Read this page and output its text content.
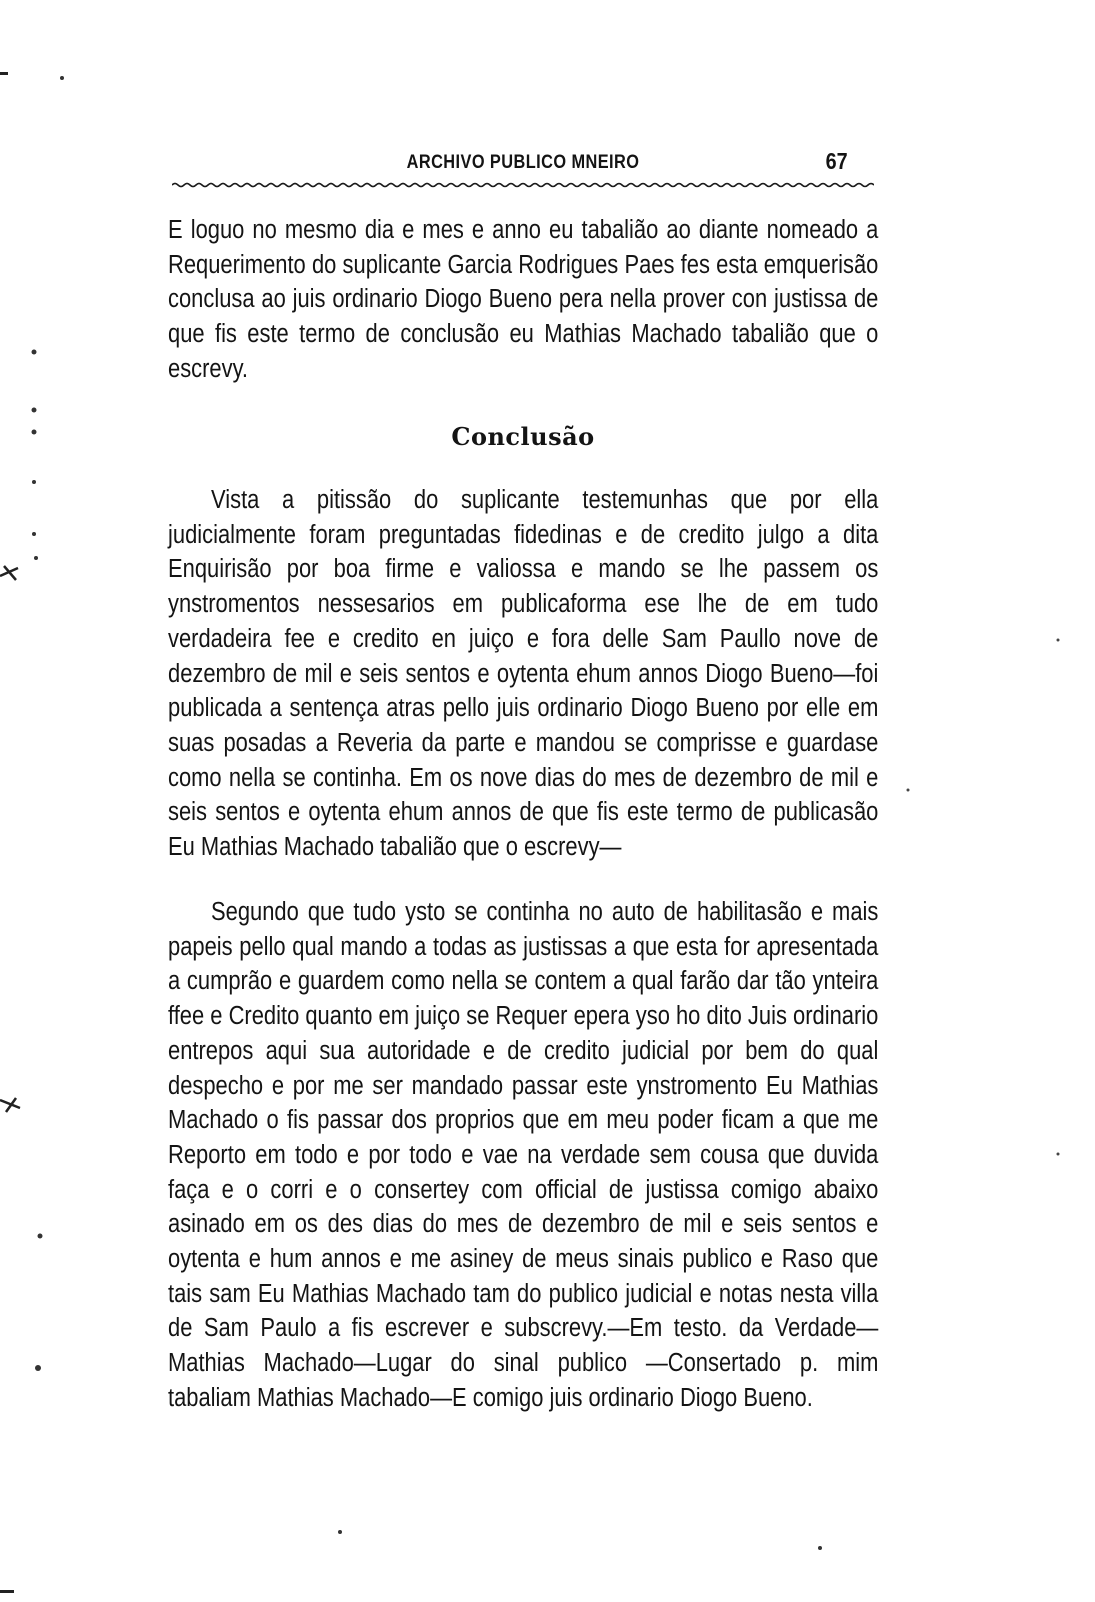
ARCHIVO PUBLICO MNEIRO	67

E loguo no mesmo dia e mes e anno eu tabalião ao diante nomeado a Requerimento do suplicante Garcia Rodrigues Paes fes esta emquerisão conclusa ao juis ordinario Diogo Bueno pera nella prover con justissa de que fis este termo de conclusão eu Mathias Machado tabalião que o escrevy.

Conclusão

Vista a pitissão do suplicante testemunhas que por ella judicialmente foram preguntadas fidedinas e de credito julgo a dita Enquirisão por boa firme e valiossa e mando se lhe passem os ynstromentos nessesarios em publicaforma ese lhe de em tudo verdadeira fee e credito en juiço e fora delle Sam Paullo nove de dezembro de mil e seis sentos e oytenta ehum annos Diogo Bueno—foi publicada a sentença atras pello juis ordinario Diogo Bueno por elle em suas posadas a Reveria da parte e mandou se comprisse e guardase como nella se continha. Em os nove dias do mes de dezembro de mil e seis sentos e oytenta ehum annos de que fis este termo de publicasão Eu Mathias Machado tabalião que o escrevy—

Segundo que tudo ysto se continha no auto de habilitasão e mais papeis pello qual mando a todas as justissas a que esta for apresentada a cumprão e guardem como nella se contem a qual farão dar tão ynteira ffee e Credito quanto em juiço se Requer epera yso ho dito Juis ordinario entrepos aqui sua autoridade e de credito judicial por bem do qual despecho e por me ser mandado passar este ynstromento Eu Mathias Machado o fis passar dos proprios que em meu poder ficam a que me Reporto em todo e por todo e vae na verdade sem cousa que duvida faça e o corri e o consertey com official de justissa comigo abaixo asinado em os des dias do mes de dezembro de mil e seis sentos e oytenta e hum annos e me asiney de meus sinais publico e Raso que tais sam Eu Mathias Machado tam do publico judicial e notas nesta villa de Sam Paulo a fis escrever e subscrevy.—Em testo. da Verdade—Mathias Machado—Lugar do sinal publico —Consertado p. mim tabaliam Mathias Machado—E comigo juis ordinario Diogo Bueno.
